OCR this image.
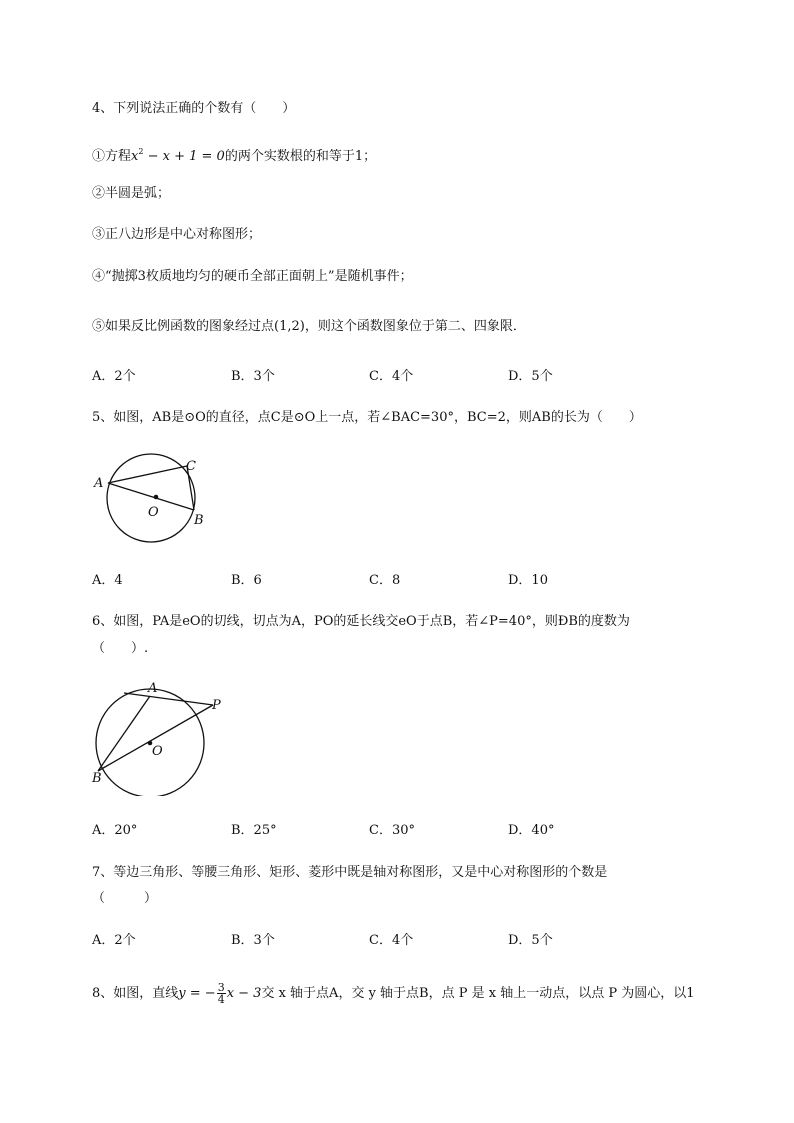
4、下列说法正确的个数有（　　）
①方程$x^2 - x + 1 = 0$的两个实数根的和等于1；
②半圆是弧；
③正八边形是中心对称图形；
④“抛掷3枚质地均匀的硬币全部正面朝上”是随机事件；
⑤如果反比例函数的图象经过点(1,2)，则这个函数图象位于第二、四象限．
A．2个	B．3个	C．4个	D．5个
5、如图，AB是⊙O的直径，点C是⊙O上一点，若∠BAC=30°，BC=2，则AB的长为（　　）
A
C
B
O
A．4	B．6	C．8	D．10
6、如图，PA是eO的切线，切点为A，PO的延长线交eO于点B，若∠P=40°，则ÐB的度数为
（　　）.
A
P
B
O
A．20°	B．25°	C．30°	D．40°
7、等边三角形、等腰三角形、矩形、菱形中既是轴对称图形，又是中心对称图形的个数是
（　　　）
A．2个	B．3个	C．4个	D．5个
8、如图，直线y = − $\frac{3}{4}$ x − 3交 x 轴于点A，交 y 轴于点B，点 P 是 x 轴上一动点，以点 P 为圆心，以1
